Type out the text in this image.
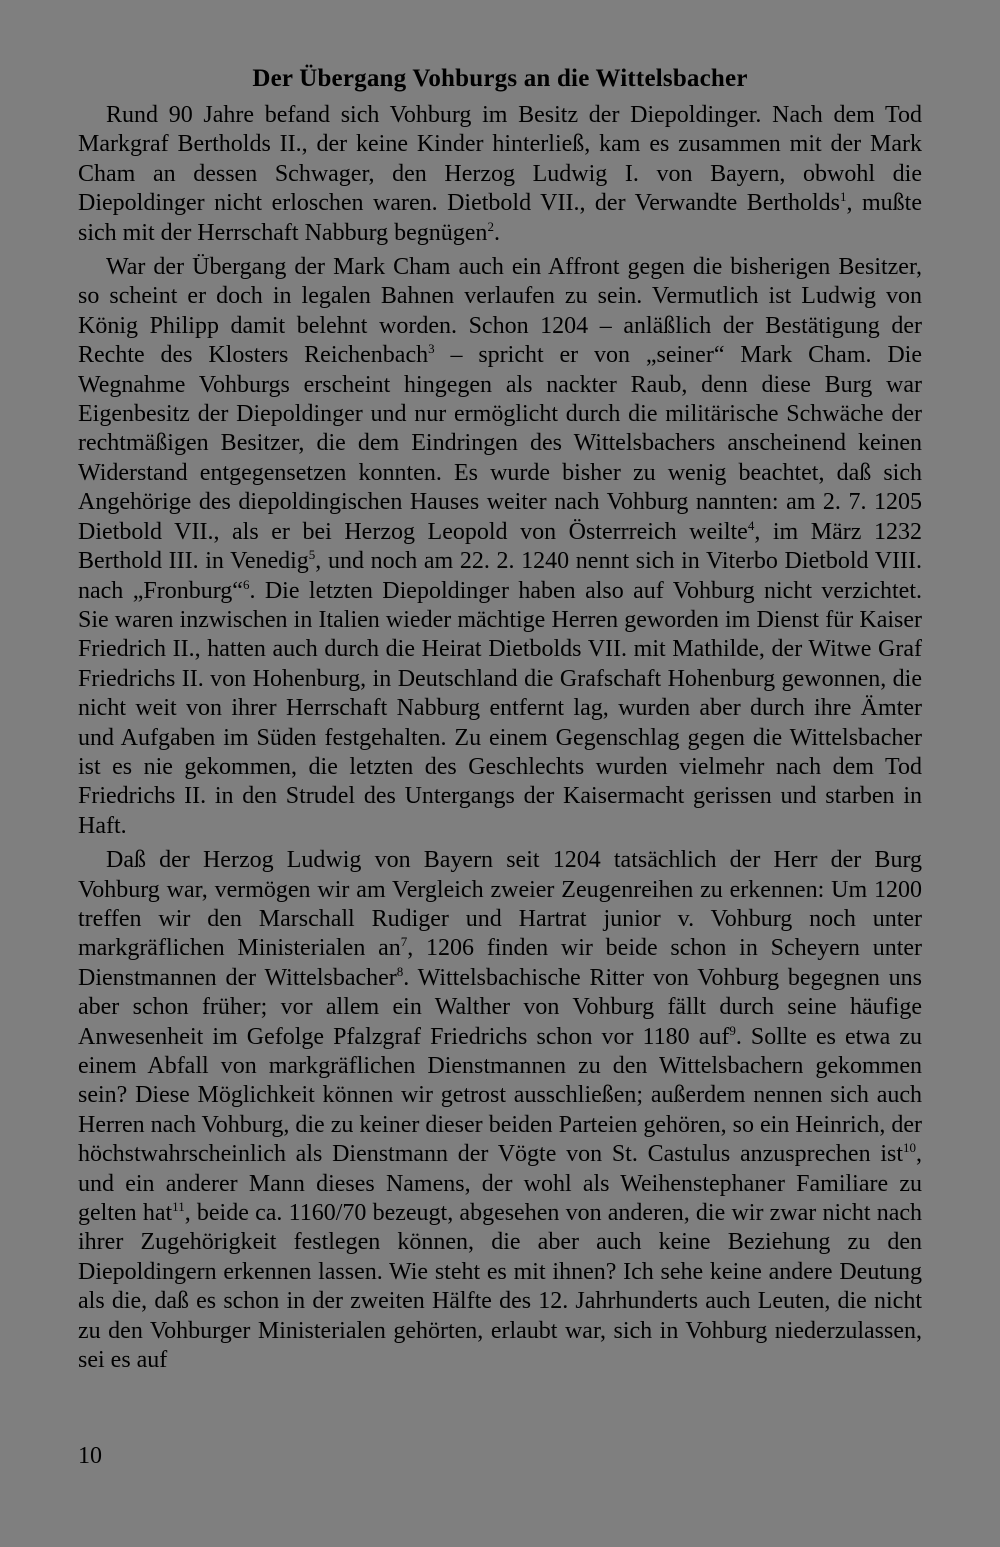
Der Übergang Vohburgs an die Wittelsbacher

Rund 90 Jahre befand sich Vohburg im Besitz der Diepoldinger. Nach dem Tod Markgraf Bertholds II., der keine Kinder hinterließ, kam es zusammen mit der Mark Cham an dessen Schwager, den Herzog Ludwig I. von Bayern, obwohl die Diepoldinger nicht erloschen waren. Dietbold VII., der Verwandte Bertholds$^1$, mußte sich mit der Herrschaft Nabburg begnügen$^2$.

War der Übergang der Mark Cham auch ein Affront gegen die bisherigen Besitzer, so scheint er doch in legalen Bahnen verlaufen zu sein. Vermutlich ist Ludwig von König Philipp damit belehnt worden. Schon 1204 – anläßlich der Bestätigung der Rechte des Klosters Reichenbach$^3$ – spricht er von „seiner“ Mark Cham. Die Wegnahme Vohburgs erscheint hingegen als nackter Raub, denn diese Burg war Eigenbesitz der Diepoldinger und nur ermöglicht durch die militärische Schwäche der rechtmäßigen Besitzer, die dem Eindringen des Wittelsbachers anscheinend keinen Widerstand entgegensetzen konnten. Es wurde bisher zu wenig beachtet, daß sich Angehörige des diepoldingischen Hauses weiter nach Vohburg nannten: am 2. 7. 1205 Dietbold VII., als er bei Herzog Leopold von Österrreich weilte$^4$, im März 1232 Berthold III. in Venedig$^5$, und noch am 22. 2. 1240 nennt sich in Viterbo Dietbold VIII. nach „Fronburg“$^6$. Die letzten Diepoldinger haben also auf Vohburg nicht verzichtet. Sie waren inzwischen in Italien wieder mächtige Herren geworden im Dienst für Kaiser Friedrich II., hatten auch durch die Heirat Dietbolds VII. mit Mathilde, der Witwe Graf Friedrichs II. von Hohenburg, in Deutschland die Grafschaft Hohenburg gewonnen, die nicht weit von ihrer Herrschaft Nabburg entfernt lag, wurden aber durch ihre Ämter und Aufgaben im Süden festgehalten. Zu einem Gegenschlag gegen die Wittelsbacher ist es nie gekommen, die letzten des Geschlechts wurden vielmehr nach dem Tod Friedrichs II. in den Strudel des Untergangs der Kaisermacht gerissen und starben in Haft.

Daß der Herzog Ludwig von Bayern seit 1204 tatsächlich der Herr der Burg Vohburg war, vermögen wir am Vergleich zweier Zeugenreihen zu erkennen: Um 1200 treffen wir den Marschall Rudiger und Hartrat junior v. Vohburg noch unter markgräflichen Ministerialen $an^7$, 1206 finden wir beide schon in Scheyern unter Dienstmannen der Wittelsbacher$^8$. Wittelsbachische Ritter von Vohburg begegnen uns aber schon früher; vor allem ein Walther von Vohburg fällt durch seine häufige Anwesenheit im Gefolge Pfalzgraf Friedrichs schon vor 1180 auf$^9$. Sollte es etwa zu einem Abfall von markgräflichen Dienstmannen zu den Wittelsbachern gekommen sein? Diese Möglichkeit können wir getrost ausschließen; außerdem nennen sich auch Herren nach Vohburg, die zu keiner dieser beiden Parteien gehören, so ein Heinrich, der höchstwahrscheinlich als Dienstmann der Vögte von St. Castulus anzusprechen ist$^{10}$, und ein anderer Mann dieses Namens, der wohl als Weihenstephaner Familiare zu gelten hat$^{11}$, beide ca. 1160/70 bezeugt, abgesehen von anderen, die wir zwar nicht nach ihrer Zugehörigkeit festlegen können, die aber auch keine Beziehung zu den Diepoldingern erkennen lassen. Wie steht es mit ihnen? Ich sehe keine andere Deutung als die, daß es schon in der zweiten Hälfte des 12. Jahrhunderts auch Leuten, die nicht zu den Vohburger Ministerialen gehörten, erlaubt war, sich in Vohburg niederzulassen, sei es auf

10
